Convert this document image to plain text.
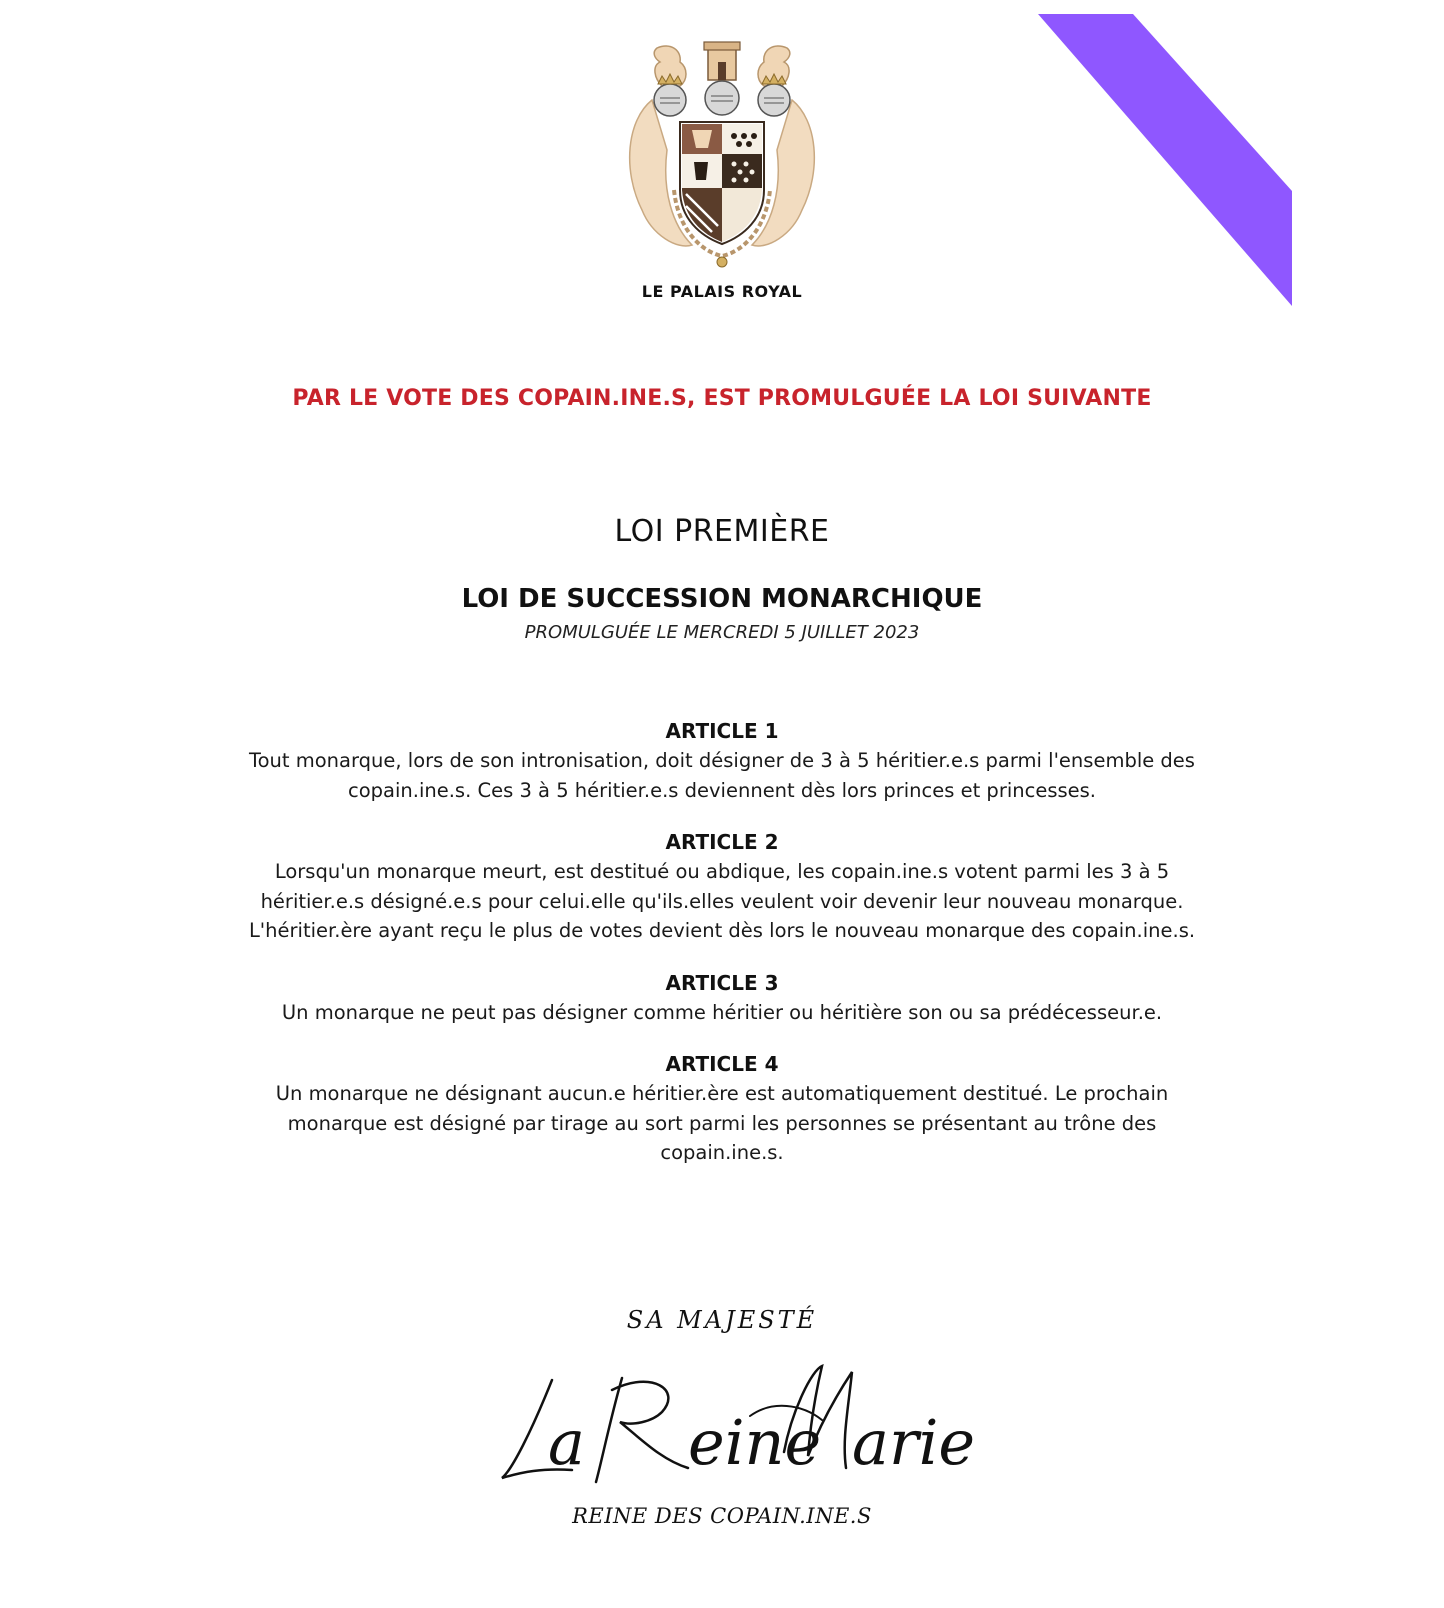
LE PALAIS ROYAL
PAR LE VOTE DES COPAIN.INE.S, EST PROMULGUÉE LA LOI SUIVANTE
LOI PREMIÈRE
LOI DE SUCCESSION MONARCHIQUE
PROMULGUÉE LE MERCREDI 5 JUILLET 2023
ARTICLE 1
Tout monarque, lors de son intronisation, doit désigner de 3 à 5 héritier.e.s parmi l'ensemble des copain.ine.s. Ces 3 à 5 héritier.e.s deviennent dès lors princes et princesses.
ARTICLE 2
Lorsqu'un monarque meurt, est destitué ou abdique, les copain.ine.s votent parmi les 3 à 5 héritier.e.s désigné.e.s pour celui.elle qu'ils.elles veulent voir devenir leur nouveau monarque. L'héritier.ère ayant reçu le plus de votes devient dès lors le nouveau monarque des copain.ine.s.
ARTICLE 3
Un monarque ne peut pas désigner comme héritier ou héritière son ou sa prédécesseur.e.
ARTICLE 4
Un monarque ne désignant aucun.e héritier.ère est automatiquement destitué. Le prochain monarque est désigné par tirage au sort parmi les personnes se présentant au trône des copain.ine.s.
SA MAJESTÉ
a eine arie
REINE DES COPAIN.INE.S
